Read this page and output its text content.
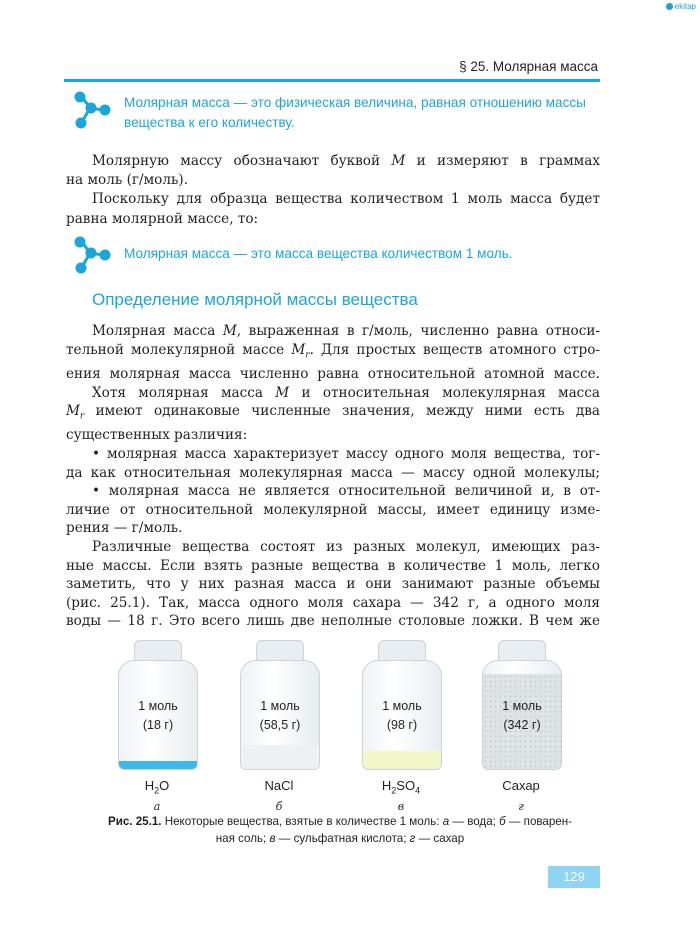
ekitap
§ 25. Молярная масса
Молярная масса — это физическая величина, равная отношению массы
вещества к его количеству.
Молярную массу обозначают буквой M и измеряют в граммах
на моль (г/моль).
Поскольку для образца вещества количеством 1 моль масса будет
равна молярной массе, то:
Молярная масса — это масса вещества количеством 1 моль.
Определение молярной массы вещества
Молярная масса M, выраженная в г/моль, численно равна относи-
тельной молекулярной массе $M_r$. Для простых веществ атомного стро-
ения молярная масса численно равна относительной атомной массе.
Хотя молярная масса M и относительная молекулярная масса
$M_r$ имеют одинаковые численные значения, между ними есть два
существенных различия:
• молярная масса характеризует массу одного моля вещества, тог-
да как относительная молекулярная масса — массу одной молекулы;
• молярная масса не является относительной величиной и, в от-
личие от относительной молекулярной массы, имеет единицу изме-
рения — г/моль.
Различные вещества состоят из разных молекул, имеющих раз-
ные массы. Если взять разные вещества в количестве 1 моль, легко
заметить, что у них разная масса и они занимают разные объемы
(рис. 25.1). Так, масса одного моля сахара — 342 г, а одного моля
воды — 18 г. Это всего лишь две неполные столовые ложки. В чем же
1 моль
(18 г)
$H_2O$
а
1 моль
(58,5 г)
NaCl
б
1 моль
(98 г)
$H_2SO_4$
в
1 моль
(342 г)
Сахар
г
Рис. 25.1. Некоторые вещества, взятые в количестве 1 моль: а — вода; б — поварен-
ная соль; в — сульфатная кислота; г — сахар
129
